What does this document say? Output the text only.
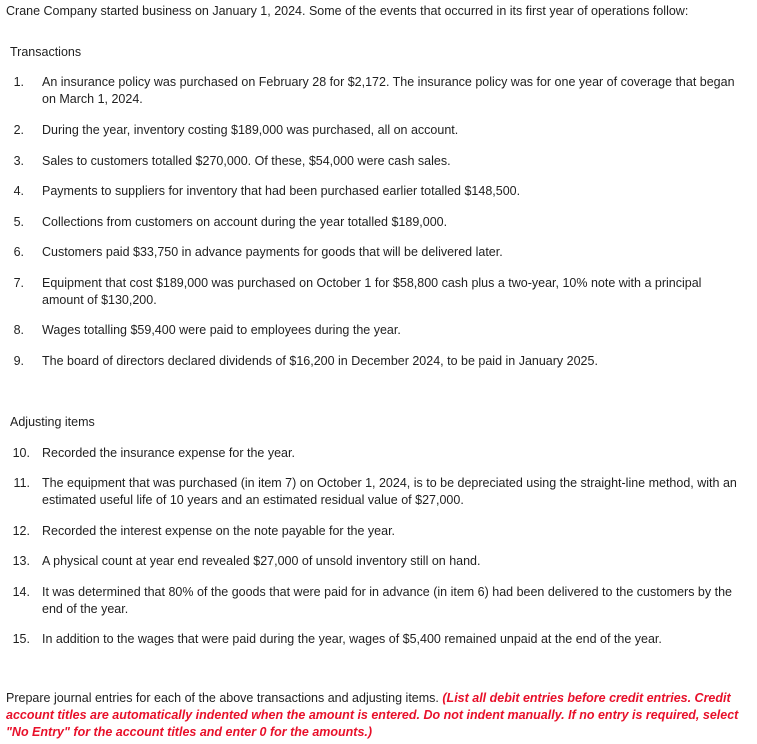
Crane Company started business on January 1, 2024. Some of the events that occurred in its first year of operations follow:
Transactions
1. An insurance policy was purchased on February 28 for $2,172. The insurance policy was for one year of coverage that began on March 1, 2024.
2. During the year, inventory costing $189,000 was purchased, all on account.
3. Sales to customers totalled $270,000. Of these, $54,000 were cash sales.
4. Payments to suppliers for inventory that had been purchased earlier totalled $148,500.
5. Collections from customers on account during the year totalled $189,000.
6. Customers paid $33,750 in advance payments for goods that will be delivered later.
7. Equipment that cost $189,000 was purchased on October 1 for $58,800 cash plus a two-year, 10% note with a principal amount of $130,200.
8. Wages totalling $59,400 were paid to employees during the year.
9. The board of directors declared dividends of $16,200 in December 2024, to be paid in January 2025.
Adjusting items
10. Recorded the insurance expense for the year.
11. The equipment that was purchased (in item 7) on October 1, 2024, is to be depreciated using the straight-line method, with an estimated useful life of 10 years and an estimated residual value of $27,000.
12. Recorded the interest expense on the note payable for the year.
13. A physical count at year end revealed $27,000 of unsold inventory still on hand.
14. It was determined that 80% of the goods that were paid for in advance (in item 6) had been delivered to the customers by the end of the year.
15. In addition to the wages that were paid during the year, wages of $5,400 remained unpaid at the end of the year.
Prepare journal entries for each of the above transactions and adjusting items. (List all debit entries before credit entries. Credit account titles are automatically indented when the amount is entered. Do not indent manually. If no entry is required, select "No Entry" for the account titles and enter 0 for the amounts.)
